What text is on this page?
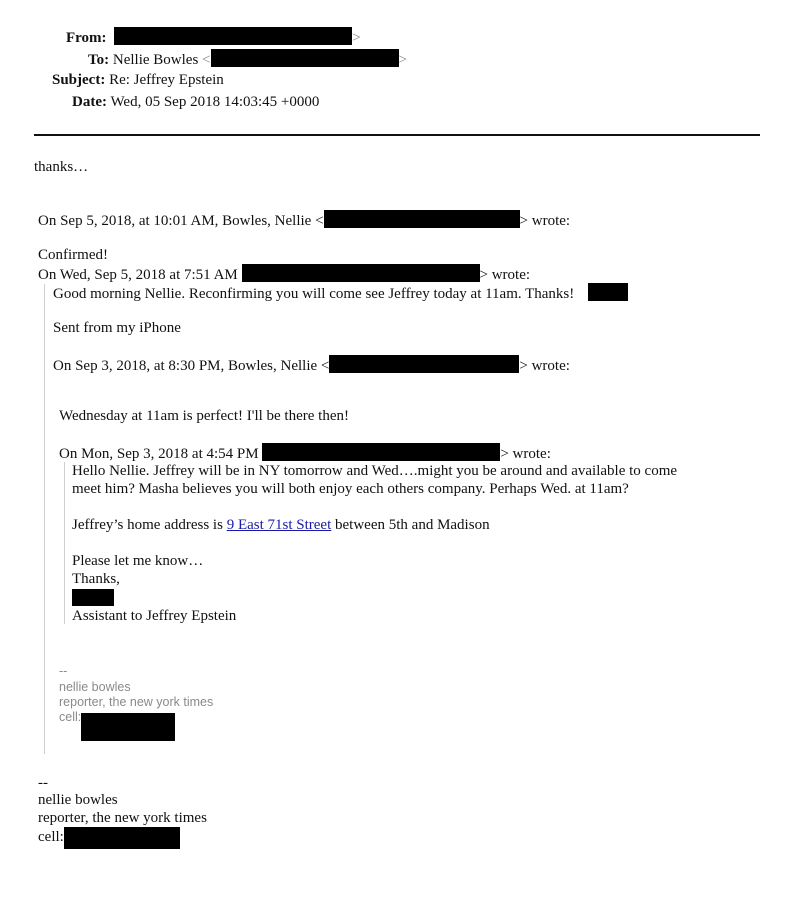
From:	>
To: Nellie Bowles <	>
Subject: Re: Jeffrey Epstein
Date: Wed, 05 Sep 2018 14:03:45 +0000
thanks…
On Sep 5, 2018, at 10:01 AM, Bowles, Nellie <	> wrote:
Confirmed!
On Wed, Sep 5, 2018 at 7:51 AM	> wrote:
Good morning Nellie. Reconfirming you will come see Jeffrey today at 11am. Thanks!
Sent from my iPhone
On Sep 3, 2018, at 8:30 PM, Bowles, Nellie <	> wrote:
Wednesday at 11am is perfect! I'll be there then!
On Mon, Sep 3, 2018 at 4:54 PM	> wrote:
Hello Nellie. Jeffrey will be in NY tomorrow and Wed….might you be around and available to come
meet him? Masha believes you will both enjoy each others company. Perhaps Wed. at 11am?
Jeffrey’s home address is 9 East 71st Street between 5th and Madison
Please let me know…
Thanks,
Assistant to Jeffrey Epstein
--
nellie bowles
reporter, the new york times
cell:
--
nellie bowles
reporter, the new york times
cell:
